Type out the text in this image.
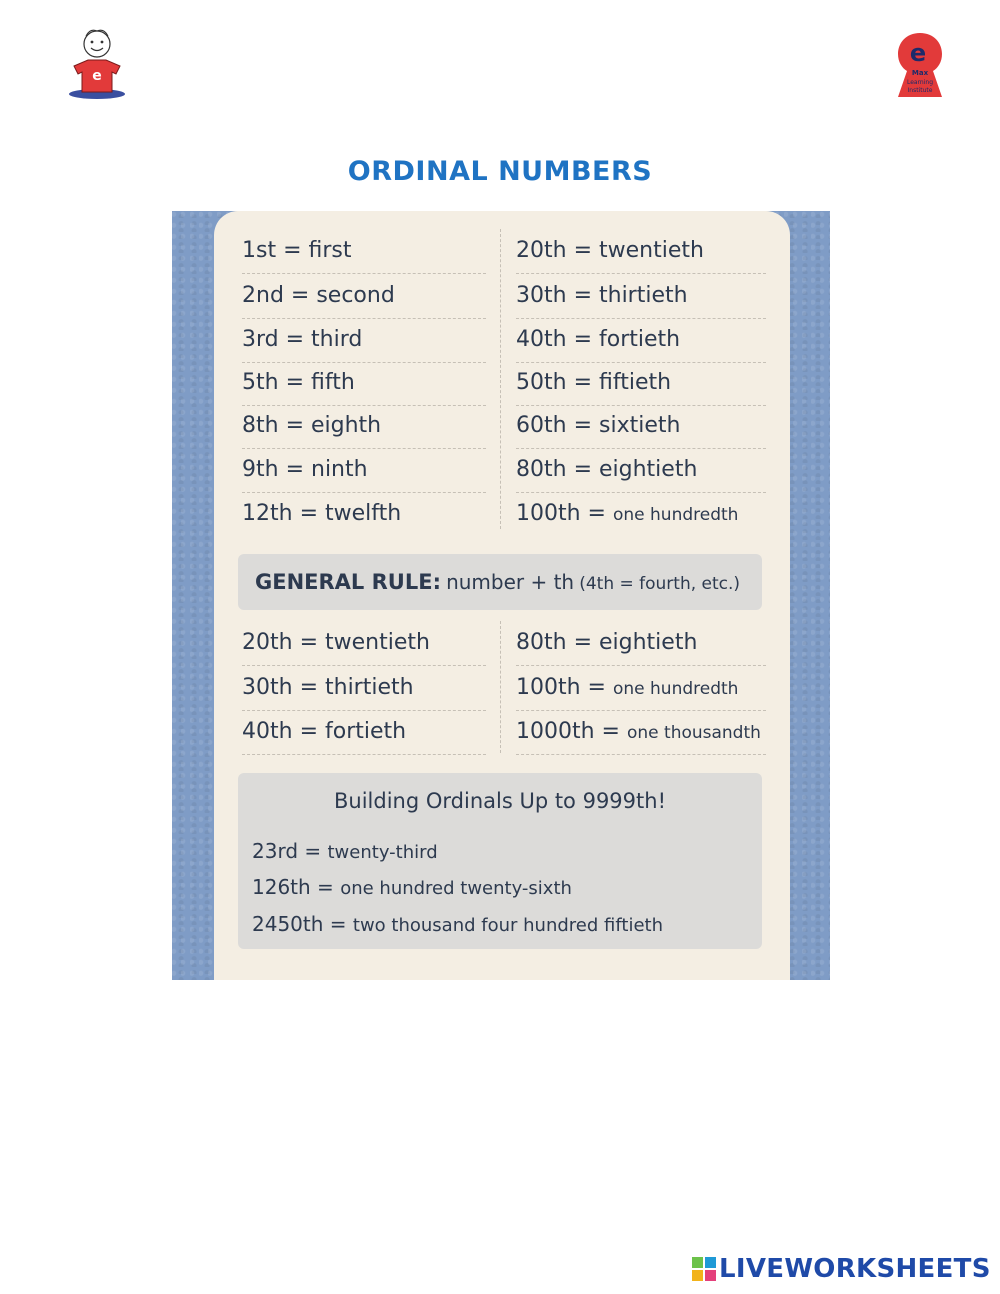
e
e
Max
Learning
Institute
ORDINAL NUMBERS
1st = first
2nd = second
3rd = third
5th = fifth
8th = eighth
9th = ninth
12th = twelfth
20th = twentieth
30th = thirtieth
40th = fortieth
50th = fiftieth
60th = sixtieth
80th = eightieth
100th = one hundredth
GENERAL RULE: number + th (4th = fourth, etc.)
20th = twentieth
30th = thirtieth
40th = fortieth
80th = eightieth
100th = one hundredth
1000th = one thousandth
Building Ordinals Up to 9999th!
23rd = twenty-third
126th = one hundred twenty-sixth
2450th = two thousand four hundred fiftieth
LIVEWORKSHEETS
